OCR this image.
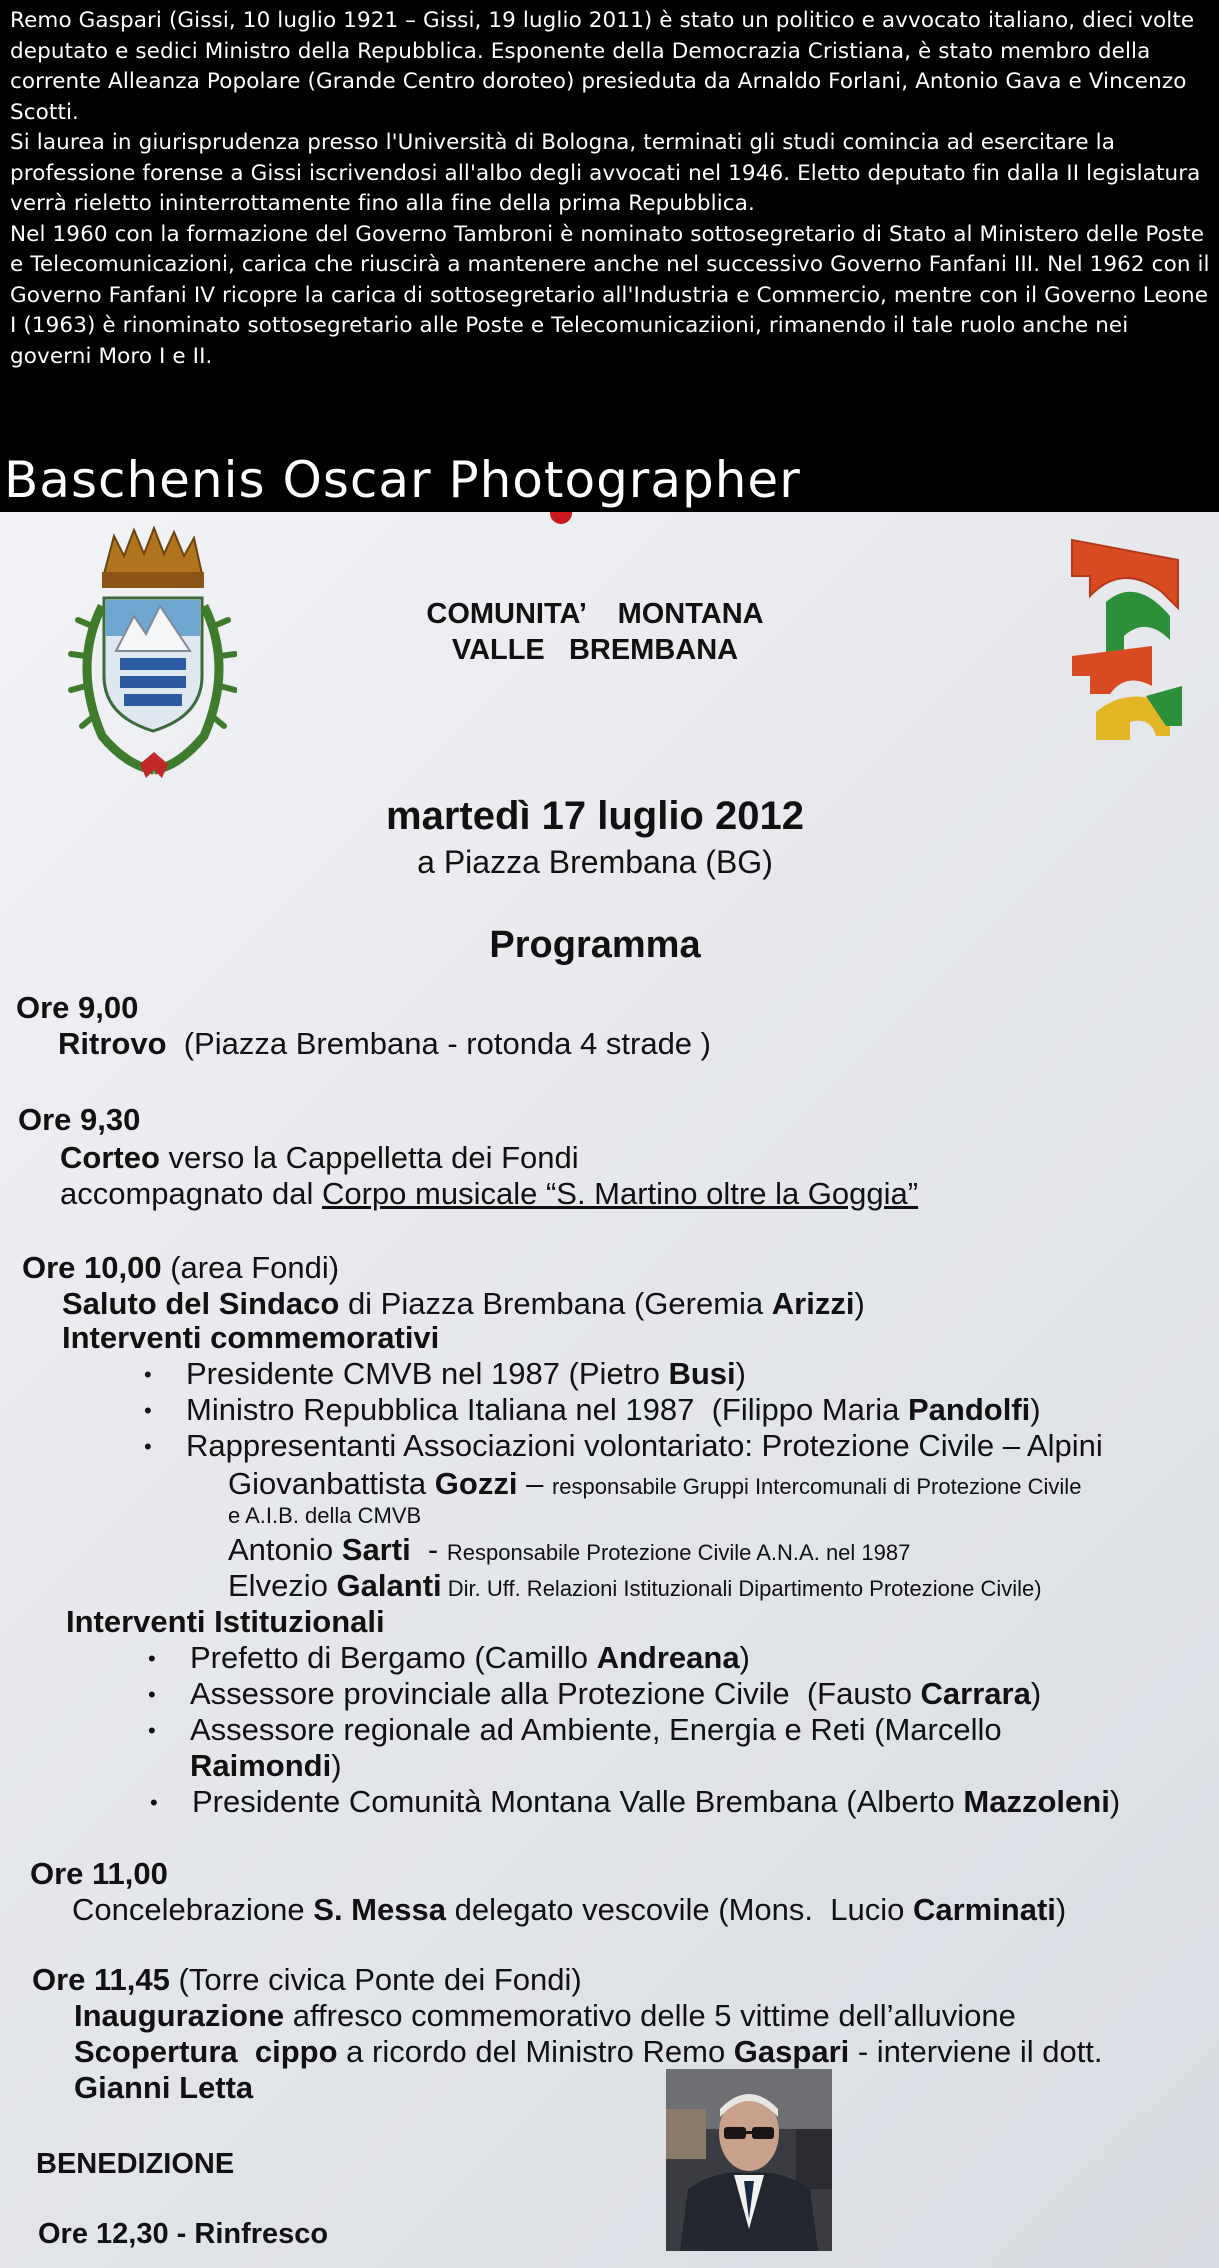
Remo Gaspari (Gissi, 10 luglio 1921 – Gissi, 19 luglio 2011) è stato un politico e avvocato italiano, dieci volte deputato e sedici Ministro della Repubblica. Esponente della Democrazia Cristiana, è stato membro della corrente Alleanza Popolare (Grande Centro doroteo) presieduta da Arnaldo Forlani, Antonio Gava e Vincenzo Scotti.

Si laurea in giurisprudenza presso l'Università di Bologna, terminati gli studi comincia ad esercitare la professione forense a Gissi iscrivendosi all'albo degli avvocati nel 1946. Eletto deputato fin dalla II legislatura verrà rieletto ininterrottamente fino alla fine della prima Repubblica.

Nel 1960 con la formazione del Governo Tambroni è nominato sottosegretario di Stato al Ministero delle Poste e Telecomunicazioni, carica che riuscirà a mantenere anche nel successivo Governo Fanfani III. Nel 1962 con il Governo Fanfani IV ricopre la carica di sottosegretario all'Industria e Commercio, mentre con il Governo Leone I (1963) è rinominato sottosegretario alle Poste e Telecomunicaziioni, rimanendo il tale ruolo anche nei governi Moro I e II.

Baschenis Oscar Photographer
COMUNITA’    MONTANA
VALLE   BREMBANA
martedì 17 luglio 2012
a Piazza Brembana (BG)
Programma
Ore 9,00
Ritrovo  (Piazza Brembana - rotonda 4 strade )
Ore 9,30
Corteo verso la Cappelletta dei Fondi
accompagnato dal Corpo musicale “S. Martino oltre la Goggia”
Ore 10,00 (area Fondi)
Saluto del Sindaco di Piazza Brembana (Geremia Arizzi)
Interventi commemorativi
• Presidente CMVB nel 1987 (Pietro Busi)
• Ministro Repubblica Italiana nel 1987  (Filippo Maria Pandolfi)
• Rappresentanti Associazioni volontariato: Protezione Civile – Alpini
Giovanbattista Gozzi – responsabile Gruppi Intercomunali di Protezione Civile
e A.I.B. della CMVB
Antonio Sarti  - Responsabile Protezione Civile A.N.A. nel 1987
Elvezio Galanti Dir. Uff. Relazioni Istituzionali Dipartimento Protezione Civile)
Interventi Istituzionali
• Prefetto di Bergamo (Camillo Andreana)
• Assessore provinciale alla Protezione Civile  (Fausto Carrara)
• Assessore regionale ad Ambiente, Energia e Reti (Marcello
Raimondi)
• Presidente Comunità Montana Valle Brembana (Alberto Mazzoleni)
Ore 11,00
Concelebrazione S. Messa delegato vescovile (Mons.  Lucio Carminati)
Ore 11,45 (Torre civica Ponte dei Fondi)
Inaugurazione affresco commemorativo delle 5 vittime dell’alluvione
Scopertura  cippo a ricordo del Ministro Remo Gaspari - interviene il dott.
Gianni Letta
BENEDIZIONE
Ore 12,30 - Rinfresco
